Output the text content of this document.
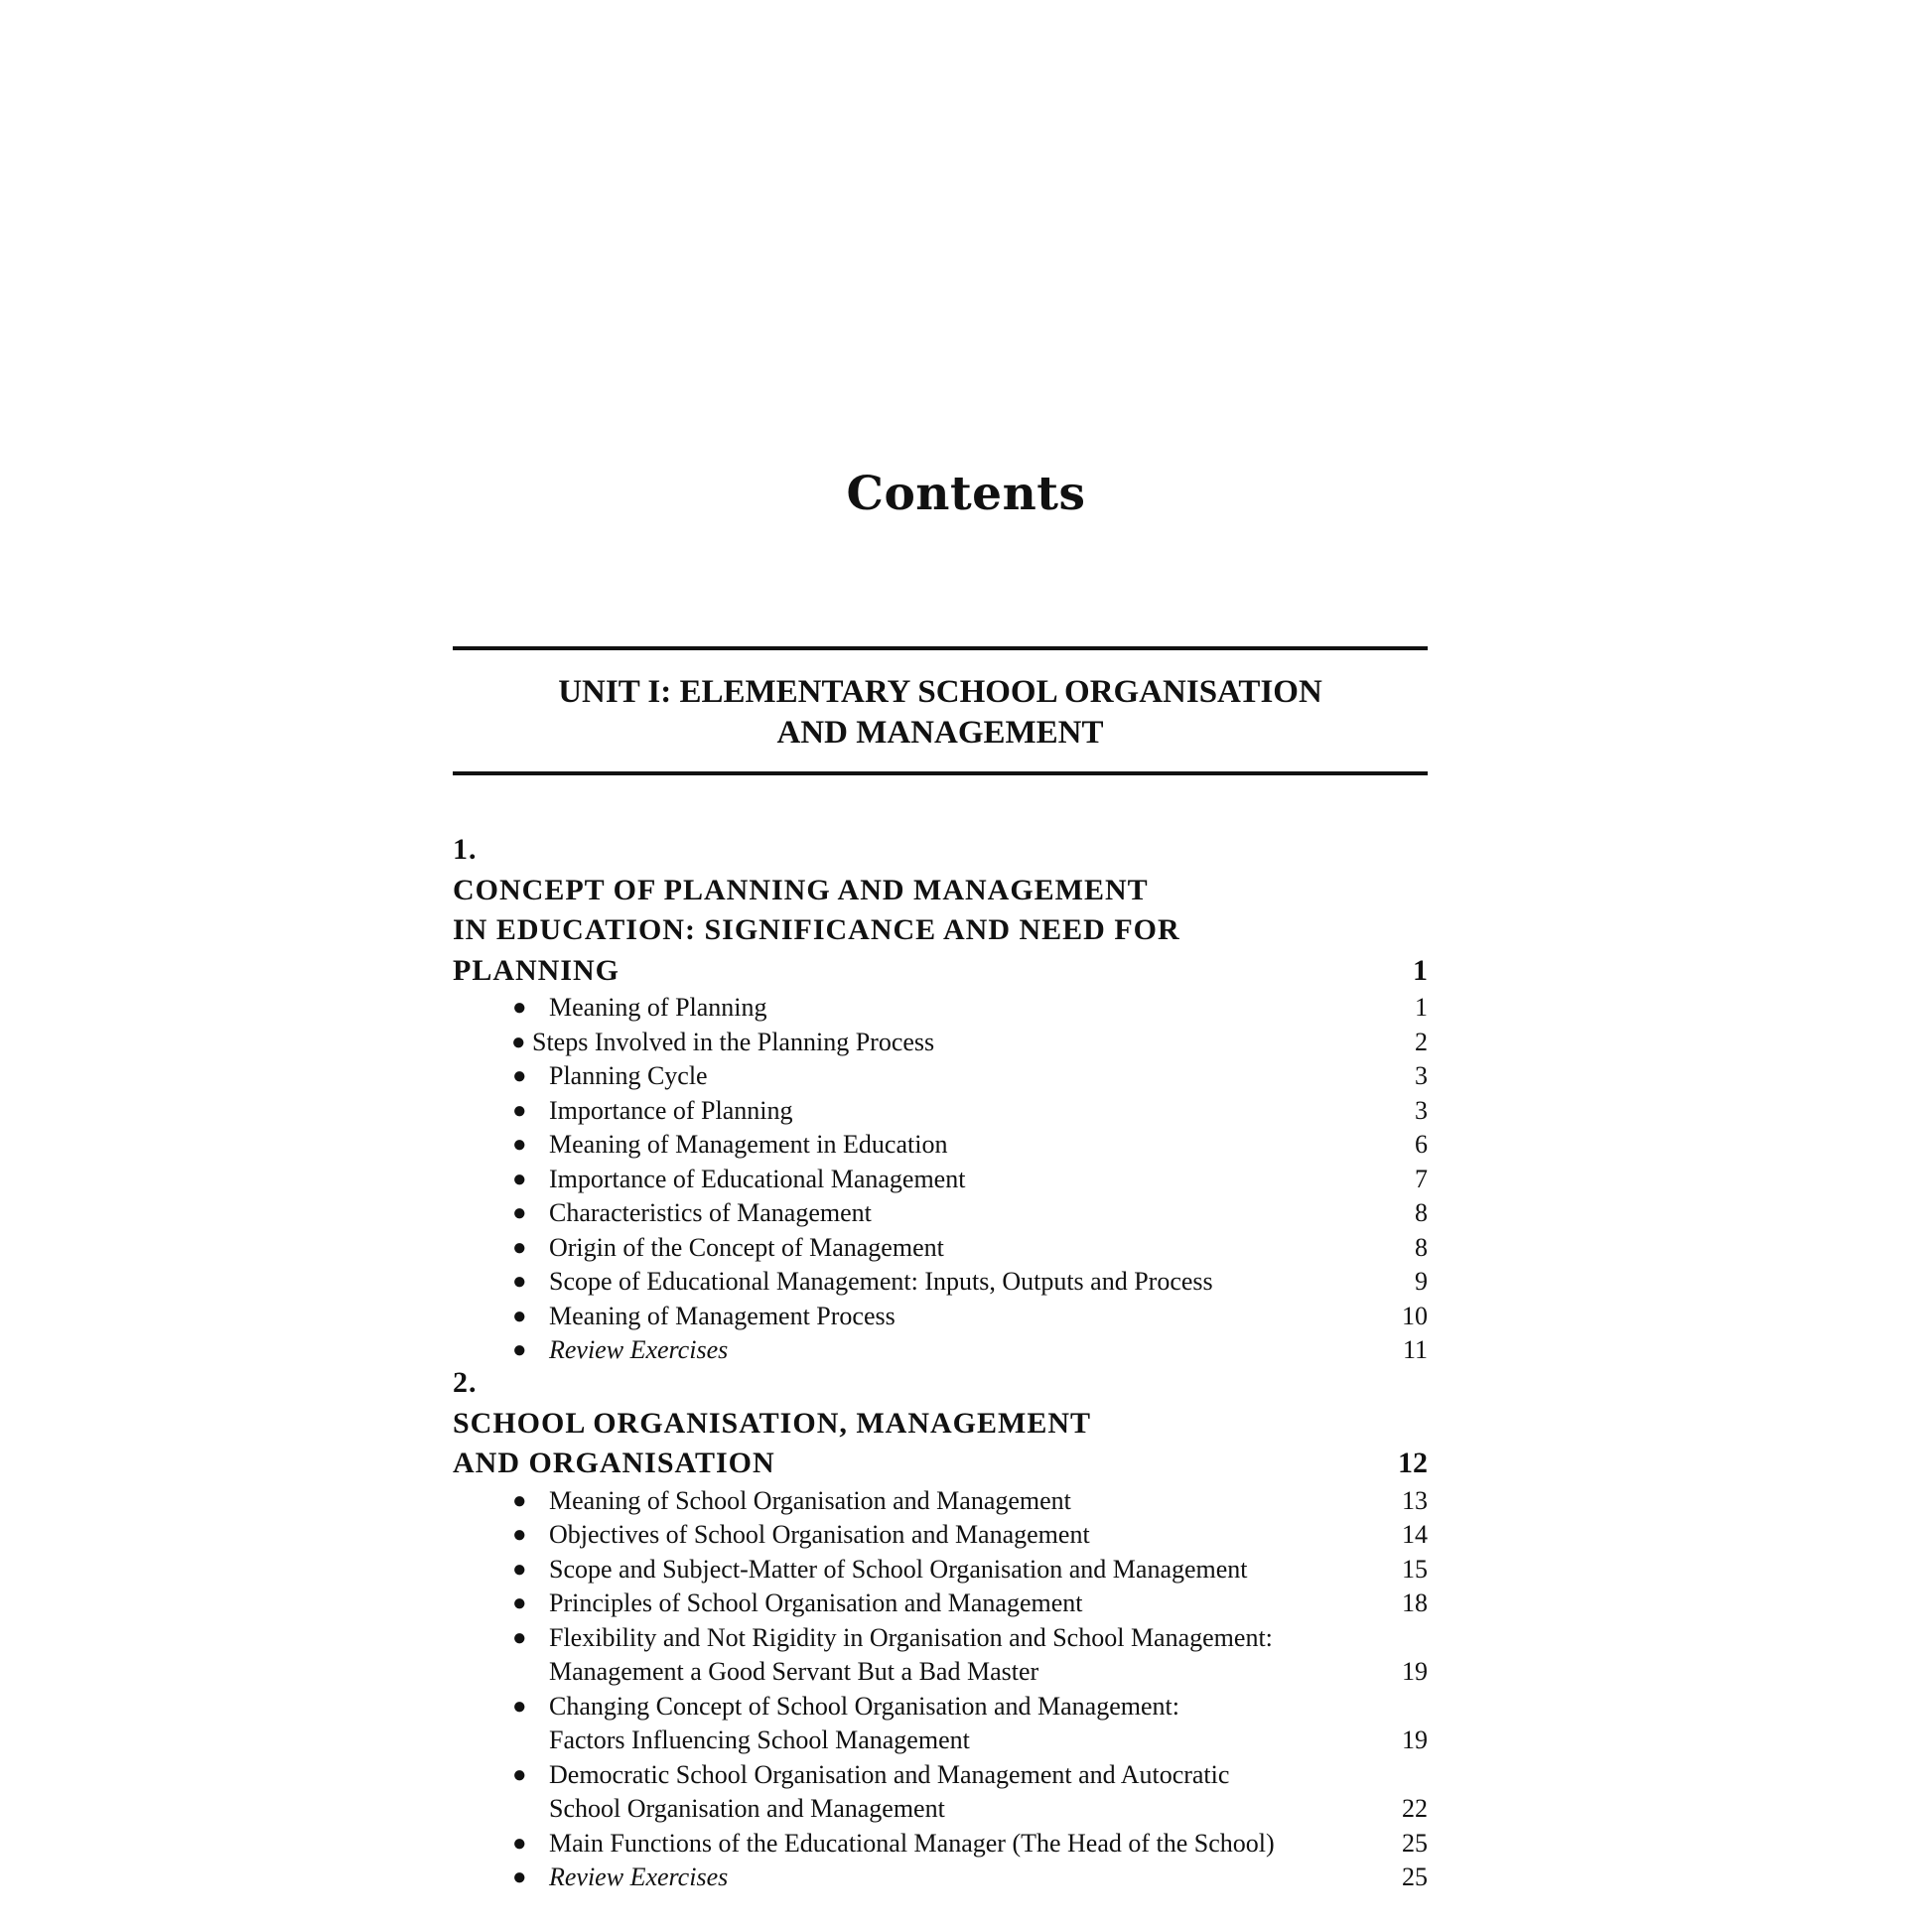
Contents
UNIT I: ELEMENTARY SCHOOL ORGANISATION
AND MANAGEMENT
1.
CONCEPT OF PLANNING AND MANAGEMENT
IN EDUCATION: SIGNIFICANCE AND NEED FOR
PLANNING	1
● Meaning of Planning	1
● Steps Involved in the Planning Process	2
● Planning Cycle	3
● Importance of Planning	3
● Meaning of Management in Education	6
● Importance of Educational Management	7
● Characteristics of Management	8
● Origin of the Concept of Management	8
● Scope of Educational Management: Inputs, Outputs and Process	9
● Meaning of Management Process	10
● Review Exercises	11
2.
SCHOOL ORGANISATION, MANAGEMENT
AND ORGANISATION	12
● Meaning of School Organisation and Management	13
● Objectives of School Organisation and Management	14
● Scope and Subject-Matter of School Organisation and Management	15
● Principles of School Organisation and Management	18
● Flexibility and Not Rigidity in Organisation and School Management:
Management a Good Servant But a Bad Master	19
● Changing Concept of School Organisation and Management:
Factors Influencing School Management	19
● Democratic School Organisation and Management and Autocratic
School Organisation and Management	22
● Main Functions of the Educational Manager (The Head of the School)	25
● Review Exercises	25
